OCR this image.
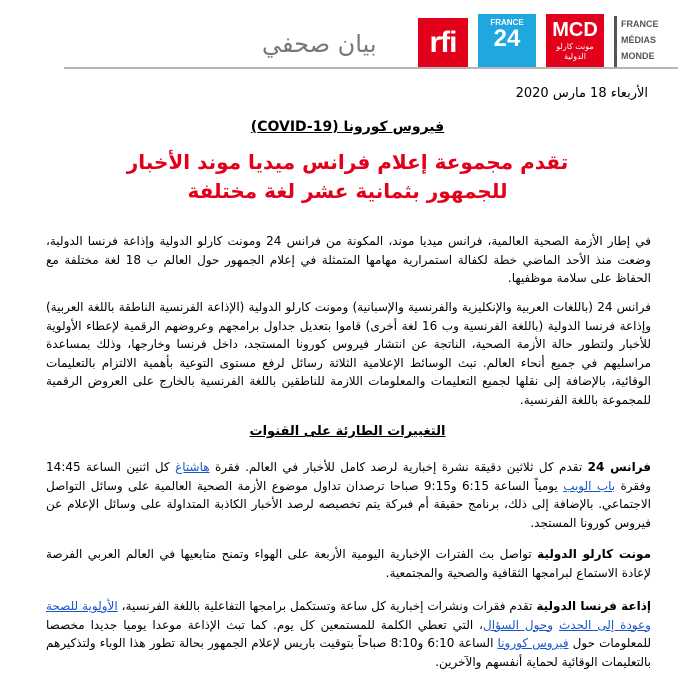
بيان صحفي	rfi
FRANCE
24	MCD
مونت كارلو الدولية
FRANCE
MÉDIAS
MONDE
الأربعاء 18 مارس 2020
فيروس كورونا (COVID-19)
تقدم مجموعة إعلام فرانس ميديا موند الأخبار للجمهور بثمانية عشر لغة مختلفة
في إطار الأزمة الصحية العالمية، فرانس ميديا موند، المكونة من فرانس 24 ومونت كارلو الدولية وإذاعة فرنسا الدولية، وضعت منذ الأحد الماضي خطة لكفالة استمرارية مهامها المتمثلة في إعلام الجمهور حول العالم ب 18 لغة مختلفة مع الحفاظ على سلامة موظفيها.
فرانس 24 (باللغات العربية والإنكليزية والفرنسية والإسبانية) ومونت كارلو الدولية (الإذاعة الفرنسية الناطقة باللغة العربية) وإذاعة فرنسا الدولية (باللغة الفرنسية وب 16 لغة أخرى) قاموا بتعديل جداول برامجهم وعروضهم الرقمية لإعطاء الأولوية للأخبار ولتطور حالة الأزمة الصحية، الناتجة عن انتشار فيروس كورونا المستجد، داخل فرنسا وخارجها، وذلك بمساعدة مراسليهم في جميع أنحاء العالم. تبث الوسائط الإعلامية الثلاثة رسائل لرفع مستوى التوعية بأهمية الالتزام بالتعليمات الوقائية، بالإضافة إلى نقلها لجميع التعليمات والمعلومات اللازمة للناطقين باللغة الفرنسية بالخارج على العروض الرقمية للمجموعة باللغة الفرنسية.
التغييرات الطارئة على القنوات
فرانس 24 تقدم كل ثلاثين دقيقة نشرة إخبارية لرصد كامل للأخبار في العالم. فقرة هاشتاغ كل اثنين الساعة 14:45 وفقرة باب الويب يومياً الساعة 6:15 و9:15 صباحا ترصدان تداول موضوع الأزمة الصحية العالمية على وسائل التواصل الاجتماعي. بالإضافة إلى ذلك، برنامج حقيقة أم فبركة يتم تخصيصه لرصد الأخبار الكاذبة المتداولة على وسائل الإعلام عن فيروس كورونا المستجد.
مونت كارلو الدولية تواصل بث الفترات الإخبارية اليومية الأربعة على الهواء وتمنح متابعيها في العالم العربي الفرصة لإعادة الاستماع لبرامجها الثقافية والصحية والمجتمعية.
إذاعة فرنسا الدولية تقدم فقرات ونشرات إخبارية كل ساعة وتستكمل برامجها التفاعلية باللغة الفرنسية، الأولوية للصحة وعودة إلى الحدث وحول السؤال، التي تعطي الكلمة للمستمعين كل يوم. كما تبث الإذاعة موعدا يوميا جديدا مخصصا للمعلومات حول فيروس كورونا الساعة 6:10 و8:10 صباحاً بتوقيت باريس لإعلام الجمهور بحالة تطور هذا الوباء ولتذكيرهم بالتعليمات الوقائية لحماية أنفسهم والآخرين.
